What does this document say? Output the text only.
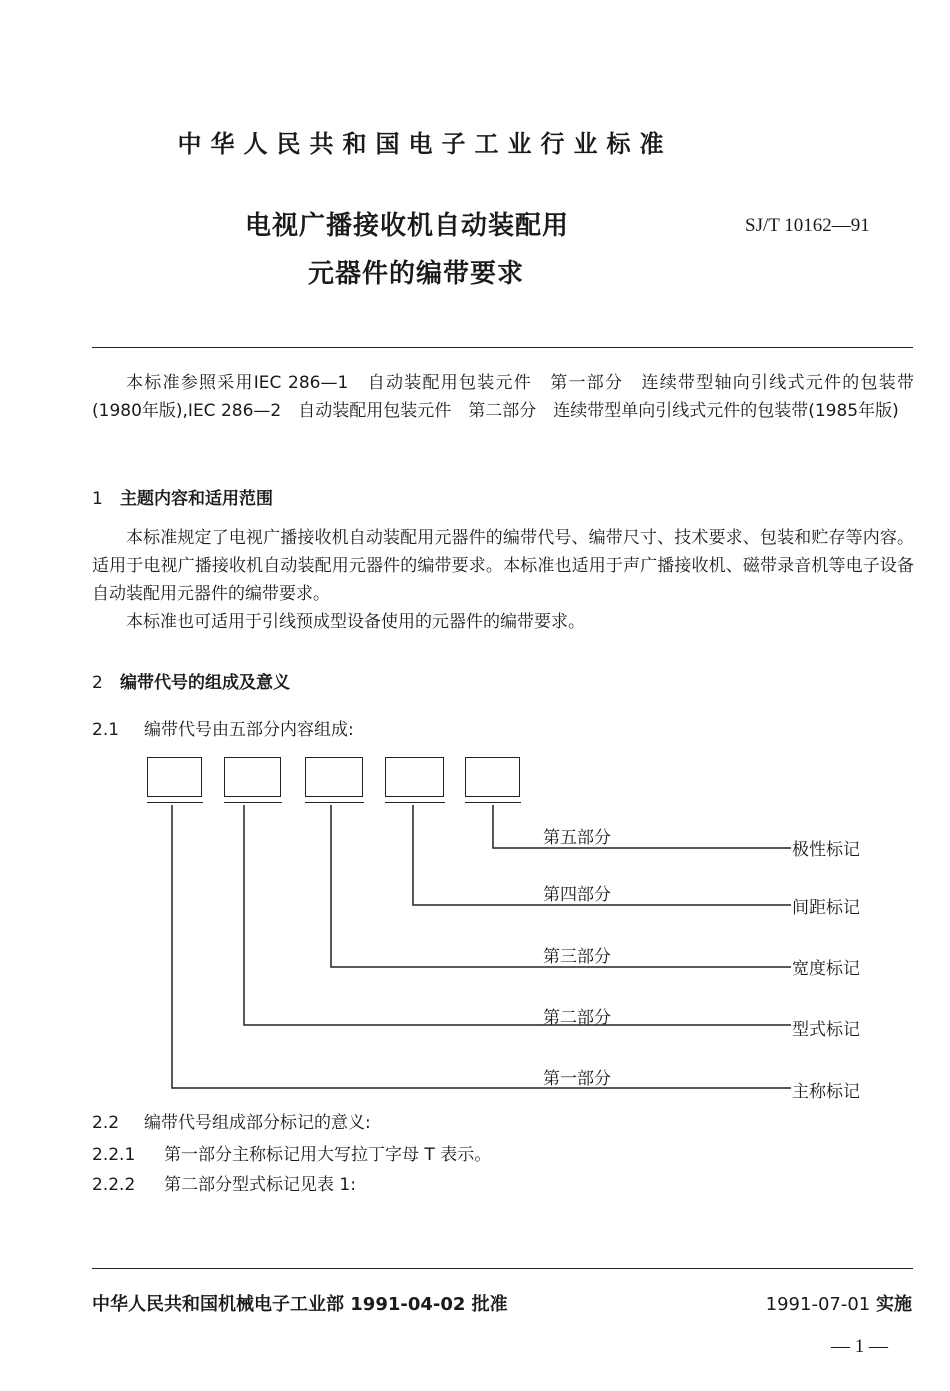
中华人民共和国电子工业行业标准
电视广播接收机自动装配用
元器件的编带要求
SJ/T 10162—91

本标准参照采用IEC 286—1　自动装配用包装元件　第一部分　连续带型轴向引线式元件的包装带(1980年版),IEC 286—2　自动装配用包装元件　第二部分　连续带型单向引线式元件的包装带(1985年版)

1 主题内容和适用范围

本标准规定了电视广播接收机自动装配用元器件的编带代号、编带尺寸、技术要求、包装和贮存等内容。适用于电视广播接收机自动装配用元器件的编带要求。本标准也适用于声广播接收机、磁带录音机等电子设备自动装配用元器件的编带要求。

本标准也可适用于引线预成型设备使用的元器件的编带要求。

2 编带代号的组成及意义
2.1 编带代号由五部分内容组成:
第五部分
极性标记
第四部分
间距标记
第三部分
宽度标记
第二部分
型式标记
第一部分
主称标记
2.2 编带代号组成部分标记的意义:
2.2.1 第一部分主称标记用大写拉丁字母 T 表示。
2.2.2 第二部分型式标记见表 1:
中华人民共和国机械电子工业部 1991-04-02 批准	1991-07-01 实施
— 1 —
